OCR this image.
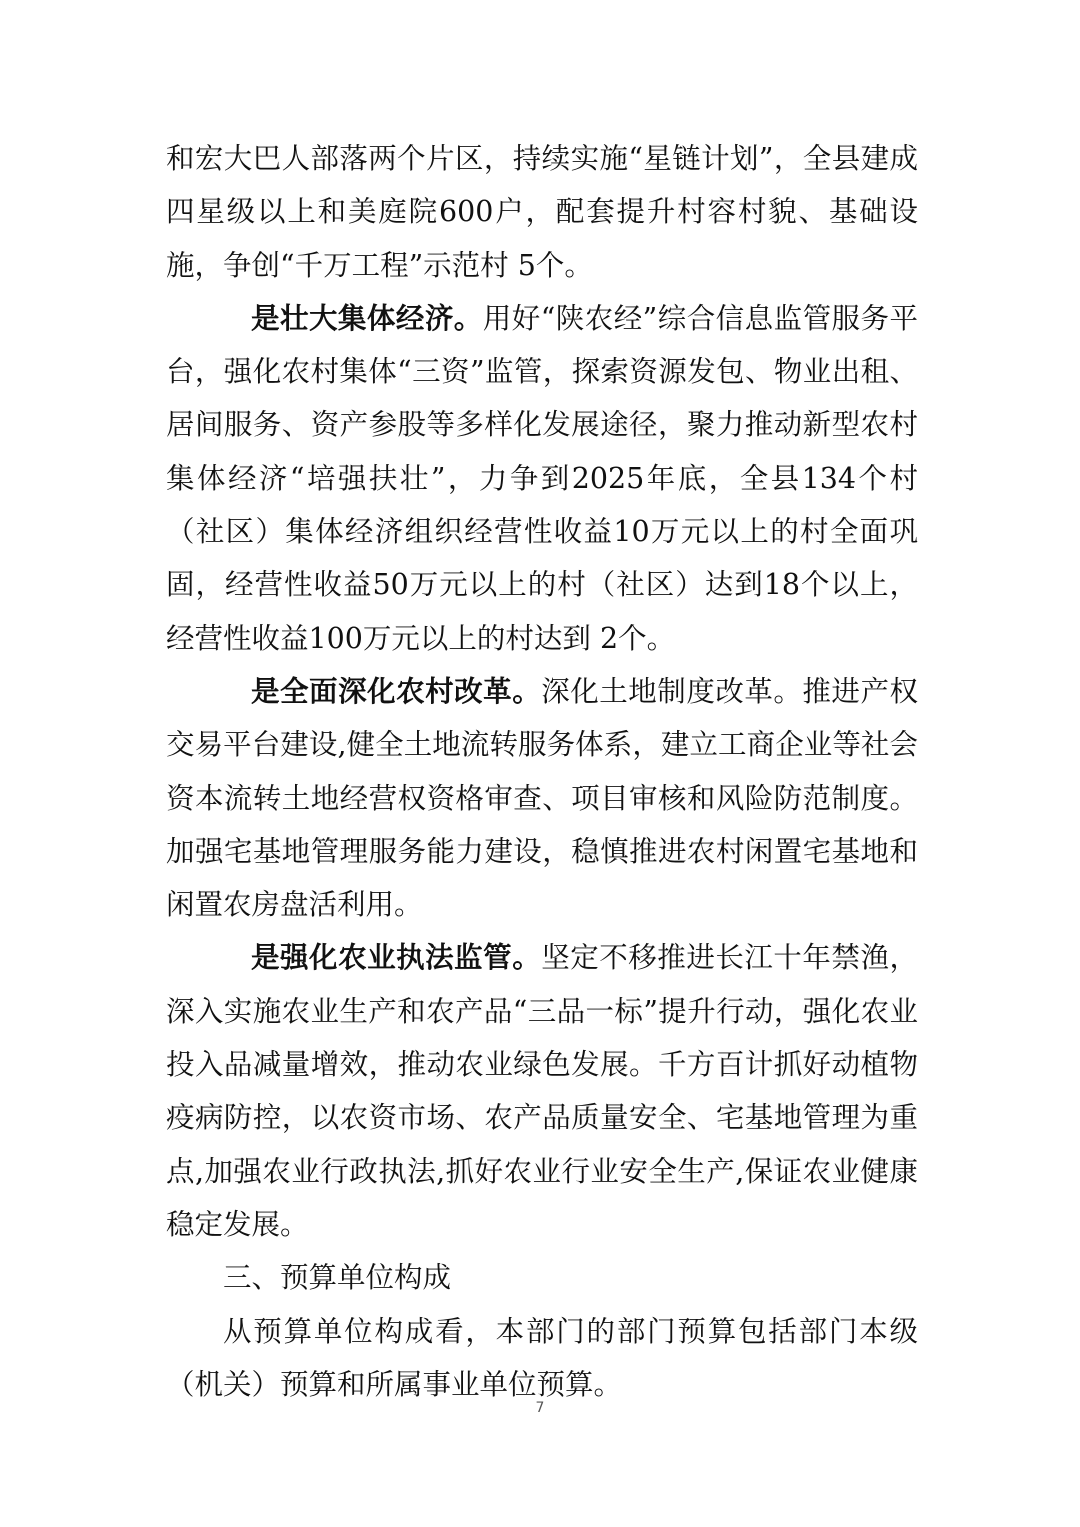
和宏大巴人部落两个片区，持续实施“星链计划”，全县建成四星级以上和美庭院600户，配套提升村容村貌、基础设施，争创“千万工程”示范村 5个。

是壮大集体经济。用好“陕农经”综合信息监管服务平台，强化农村集体“三资”监管，探索资源发包、物业出租、居间服务、资产参股等多样化发展途径，聚力推动新型农村集体经济“培强扶壮”，力争到2025年底，全县134个村（社区）集体经济组织经营性收益10万元以上的村全面巩固，经营性收益50万元以上的村（社区）达到18个以上，经营性收益100万元以上的村达到 2个。

是全面深化农村改革。深化土地制度改革。推进产权交易平台建设,健全土地流转服务体系，建立工商企业等社会资本流转土地经营权资格审查、项目审核和风险防范制度。加强宅基地管理服务能力建设，稳慎推进农村闲置宅基地和闲置农房盘活利用。

是强化农业执法监管。坚定不移推进长江十年禁渔，深入实施农业生产和农产品“三品一标”提升行动，强化农业投入品减量增效，推动农业绿色发展。千方百计抓好动植物疫病防控，以农资市场、农产品质量安全、宅基地管理为重点,加强农业行政执法,抓好农业行业安全生产,保证农业健康稳定发展。

三、预算单位构成

从预算单位构成看，本部门的部门预算包括部门本级（机关）预算和所属事业单位预算。

7
